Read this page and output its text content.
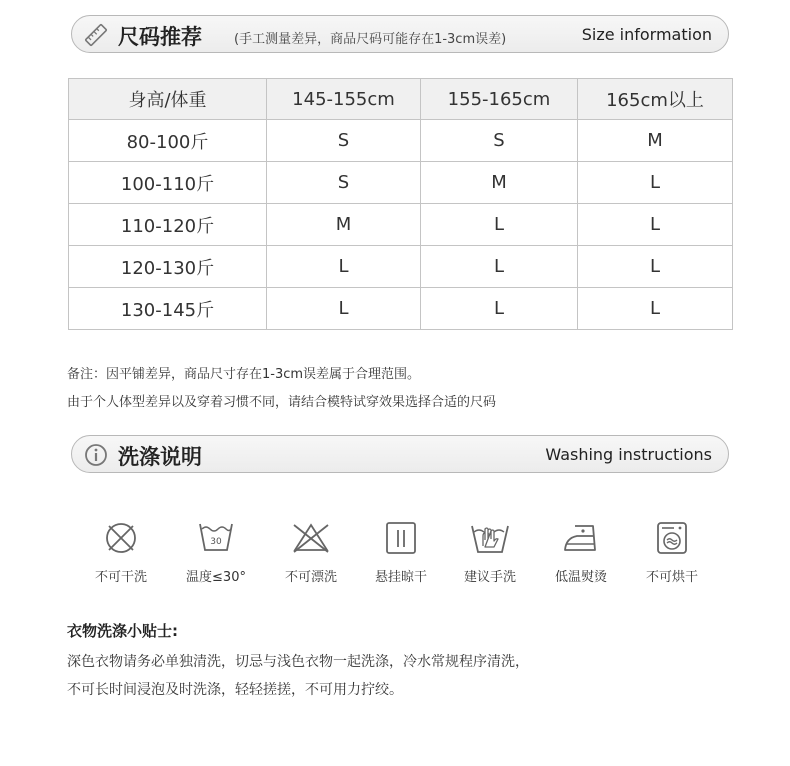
尺码推荐 (手工测量差异，商品尺码可能存在1-3cm误差)	Size information
身高/体重	145-155cm	155-165cm	165cm以上
80-100斤	S	S	M
100-110斤	S	M	L
110-120斤	M	L	L
120-130斤	L	L	L
130-145斤	L	L	L
备注：因平铺差异，商品尺寸存在1-3cm误差属于合理范围。
由于个人体型差异以及穿着习惯不同，请结合模特试穿效果选择合适的尺码
洗涤说明	Washing instructions
不可干洗
30
温度≤30°	不可漂洗	悬挂晾干	建议手洗	低温熨烫	不可烘干
衣物洗涤小贴士:
深色衣物请务必单独清洗，切忌与浅色衣物一起洗涤，冷水常规程序清洗，
不可长时间浸泡及时洗涤，轻轻搓搓，不可用力拧绞。
